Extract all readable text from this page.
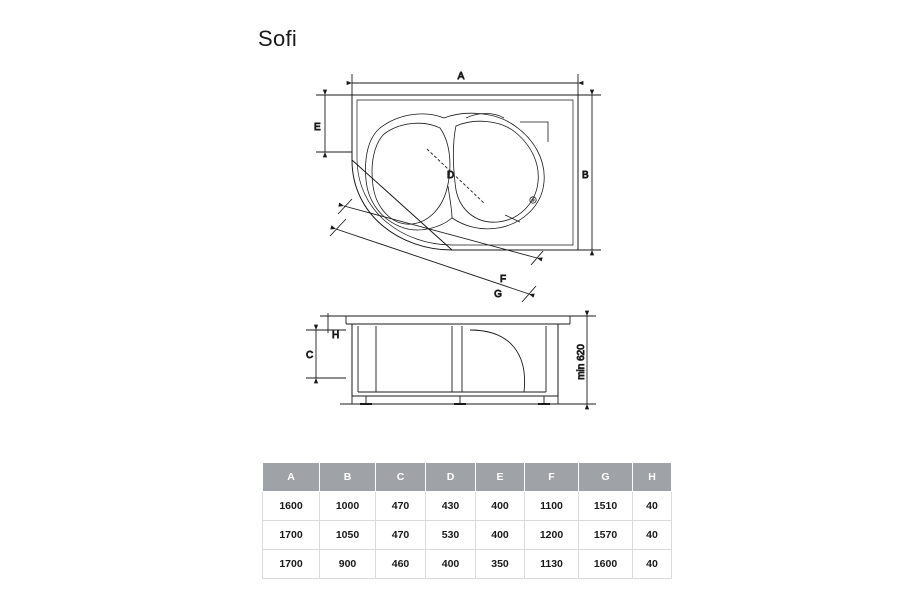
Sofi
A
B
E
D
F
G
H
C	min 620
A	B	C	D	E	F	G	H
1600	1000	470	430	400	1100	1510	40
1700	1050	470	530	400	1200	1570	40
1700	900	460	400	350	1130	1600	40
